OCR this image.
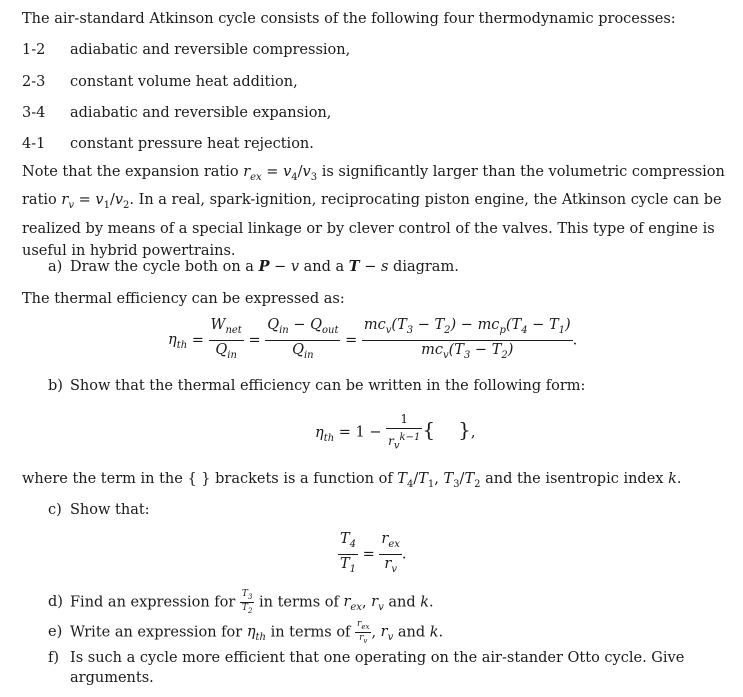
The air-standard Atkinson cycle consists of the following four thermodynamic processes:
1-2 adiabatic and reversible compression,
2-3 constant volume heat addition,
3-4 adiabatic and reversible expansion,
4-1 constant pressure heat rejection.
Note that the expansion ratio $r_{ex} = v_4/v_3$ is significantly larger than the volumetric compression ratio $r_v = v_1/v_2$. In a real, spark-ignition, reciprocating piston engine, the Atkinson cycle can be realized by means of a special linkage or by clever control of the valves. This type of engine is useful in hybrid powertrains.
a) Draw the cycle both on a P − v and a T − s diagram.
The thermal efficiency can be expressed as:
$\eta_{th} = \frac{W_{net}}{Q_{in}} = \frac{Q_{in} - Q_{out}}{Q_{in}} = \frac{mc_v(T_3 - T_2) - mc_p(T_4 - T_1)}{mc_v(T_3 - T_2)}$ .
b) Show that the thermal efficiency can be written in the following form:
$\eta_{th} = 1 - \frac{1}{r_v^{k-1}}$ { },
where the term in the { } brackets is a function of $T_4/T_1$, $T_3/T_2$ and the isentropic index k.
c) Show that:
$\frac{T_4}{T_1} = \frac{r_{ex}}{r_v}$ .
d) Find an expression for $\frac{T_3}{T_2}$ in terms of $r_{ex}$, $r_v$ and k.
e) Write an expression for $\eta_{th}$ in terms of $\frac{r_{ex}}{r_v}$ , $r_v$ and k.
f) Is such a cycle more efficient that one operating on the air-stander Otto cycle. Give
arguments.
